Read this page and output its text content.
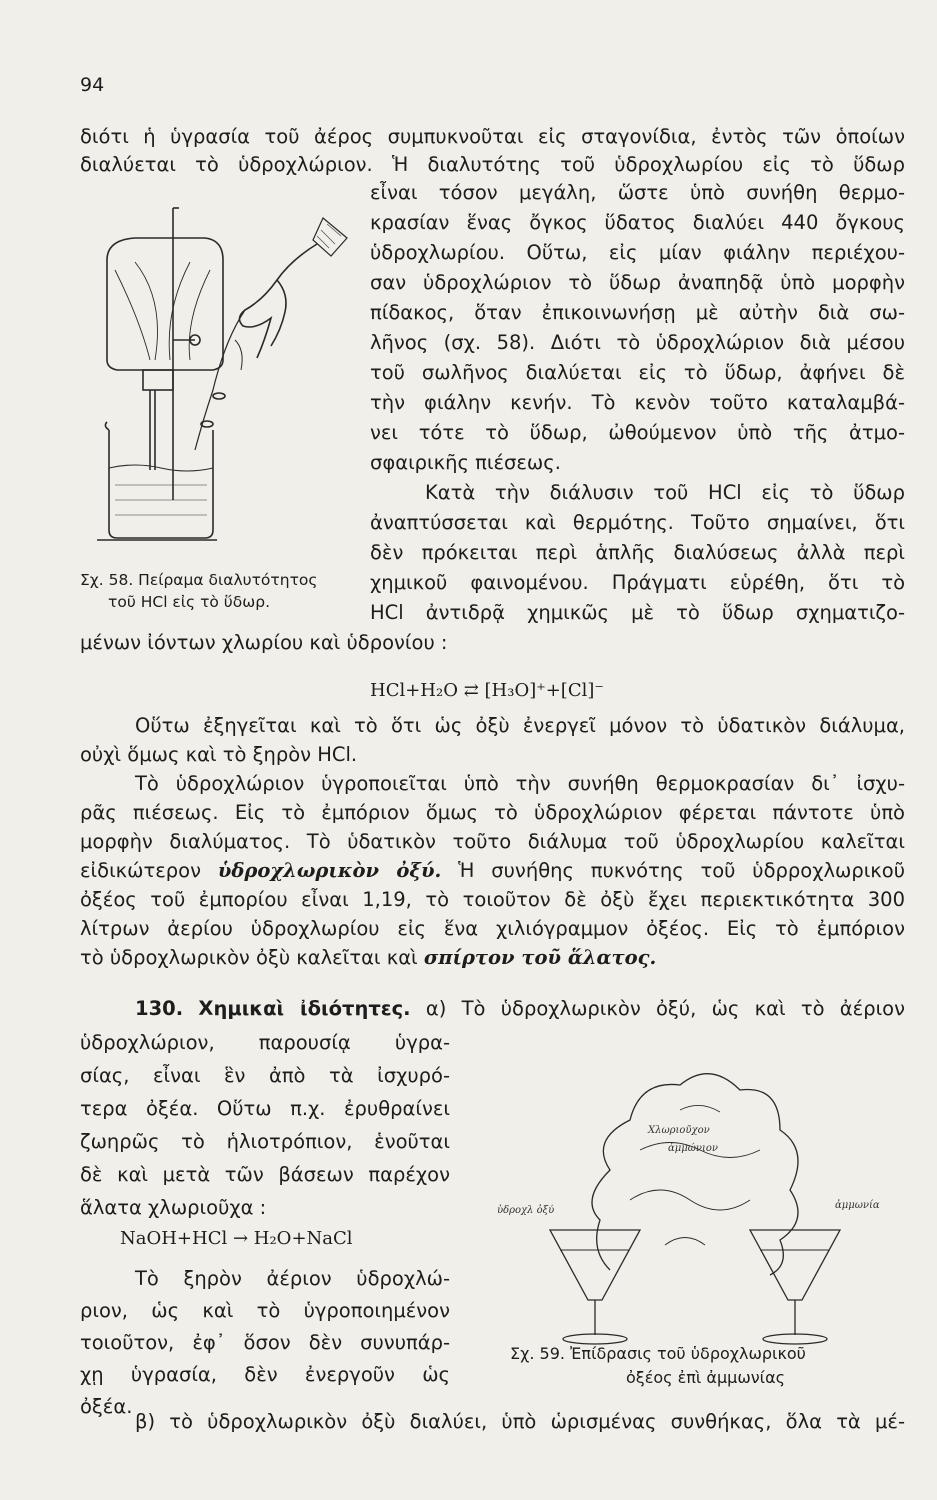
94
διότι ἡ ὑγρασία τοῦ ἀέρος συμπυκνοῦται εἰς σταγονίδια, ἐντὸς τῶν ὁποίων
διαλύεται τὸ ὑδροχλώριον. Ἡ διαλυτότης τοῦ ὑδροχλωρίου εἰς τὸ ὕδωρ
εἶναι τόσον μεγάλη, ὥστε ὑπὸ συνήθη θερμο-
κρασίαν ἕνας ὄγκος ὕδατος διαλύει 440 ὄγκους
ὑδροχλωρίου. Οὕτω, εἰς μίαν φιάλην περιέχου-
σαν ὑδροχλώριον τὸ ὕδωρ ἀναπηδᾷ ὑπὸ μορφὴν
πίδακος, ὅταν ἐπικοινωνήσῃ μὲ αὐτὴν διὰ σω-
λῆνος (σχ. 58). Διότι τὸ ὑδροχλώριον διὰ μέσου
τοῦ σωλῆνος διαλύεται εἰς τὸ ὕδωρ, ἀφήνει δὲ
τὴν φιάλην κενήν. Τὸ κενὸν τοῦτο καταλαμβά-
νει τότε τὸ ὕδωρ, ὠθούμενον ὑπὸ τῆς ἀτμο-
σφαιρικῆς πιέσεως.
Κατὰ τὴν διάλυσιν τοῦ HCl εἰς τὸ ὕδωρ
ἀναπτύσσεται καὶ θερμότης. Τοῦτο σημαίνει, ὅτι
δὲν πρόκειται περὶ ἁπλῆς διαλύσεως ἀλλὰ περὶ
χημικοῦ φαινομένου. Πράγματι εὑρέθη, ὅτι τὸ
HCl ἀντιδρᾷ χημικῶς μὲ τὸ ὕδωρ σχηματιζο-
Σχ. 58. Πείραμα διαλυτότητος
τοῦ HCl εἰς τὸ ὕδωρ.
μένων ἰόντων χλωρίου καὶ ὑδρονίου :
HCl+H₂O ⇄ [H₃O]⁺+[Cl]⁻
Οὕτω ἐξηγεῖται καὶ τὸ ὅτι ὡς ὀξὺ ἐνεργεῖ μόνον τὸ ὑδατικὸν διάλυμα,
οὐχὶ ὅμως καὶ τὸ ξηρὸν HCl.
Τὸ ὑδροχλώριον ὑγροποιεῖται ὑπὸ τὴν συνήθη θερμοκρασίαν δι᾿ ἰσχυ-
ρᾶς πιέσεως. Εἰς τὸ ἐμπόριον ὅμως τὸ ὑδροχλώριον φέρεται πάντοτε ὑπὸ
μορφὴν διαλύματος. Τὸ ὑδατικὸν τοῦτο διάλυμα τοῦ ὑδροχλωρίου καλεῖται
εἰδικώτερον ὑδροχλωρικὸν ὀξύ. Ἡ συνήθης πυκνότης τοῦ ὑδρροχλωρικοῦ
ὀξέος τοῦ ἐμπορίου εἶναι 1,19, τὸ τοιοῦτον δὲ ὀξὺ ἔχει περιεκτικότητα 300
λίτρων ἀερίου ὑδροχλωρίου εἰς ἕνα χιλιόγραμμον ὀξέος. Εἰς τὸ ἐμπόριον
τὸ ὑδροχλωρικὸν ὀξὺ καλεῖται καὶ σπίρτον τοῦ ἅλατος.
130. Χημικαὶ ἰδιότητες. α) Τὸ ὑδροχλωρικὸν ὀξύ, ὡς καὶ τὸ ἀέριον
ὑδροχλώριον, παρουσίᾳ ὑγρα-
σίας, εἶναι ἓν ἀπὸ τὰ ἰσχυρό-
τερα ὀξέα. Οὕτω π.χ. ἐρυθραίνει
ζωηρῶς τὸ ἡλιοτρόπιον, ἑνοῦται
δὲ καὶ μετὰ τῶν βάσεων παρέχον
ἅλατα χλωριοῦχα :
NaOH+HCl → H₂O+NaCl
Τὸ ξηρὸν ἀέριον ὑδροχλώ-
ριον, ὡς καὶ τὸ ὑγροποιημένον
τοιοῦτον, ἐφ᾿ ὅσον δὲν συνυπάρ-
χῃ ὑγρασία, δὲν ἐνεργοῦν ὡς
ὀξέα.
Χλωριοῦχον
ἀμμώνιον
ὑδροχλ ὀξύ	ἀμμωνία
Σχ. 59. Ἐπίδρασις τοῦ ὑδροχλωρικοῦ
ὀξέος ἐπὶ ἀμμωνίας
β) τὸ ὑδροχλωρικὸν ὀξὺ διαλύει, ὑπὸ ὡρισμένας συνθήκας, ὅλα τὰ μέ-
